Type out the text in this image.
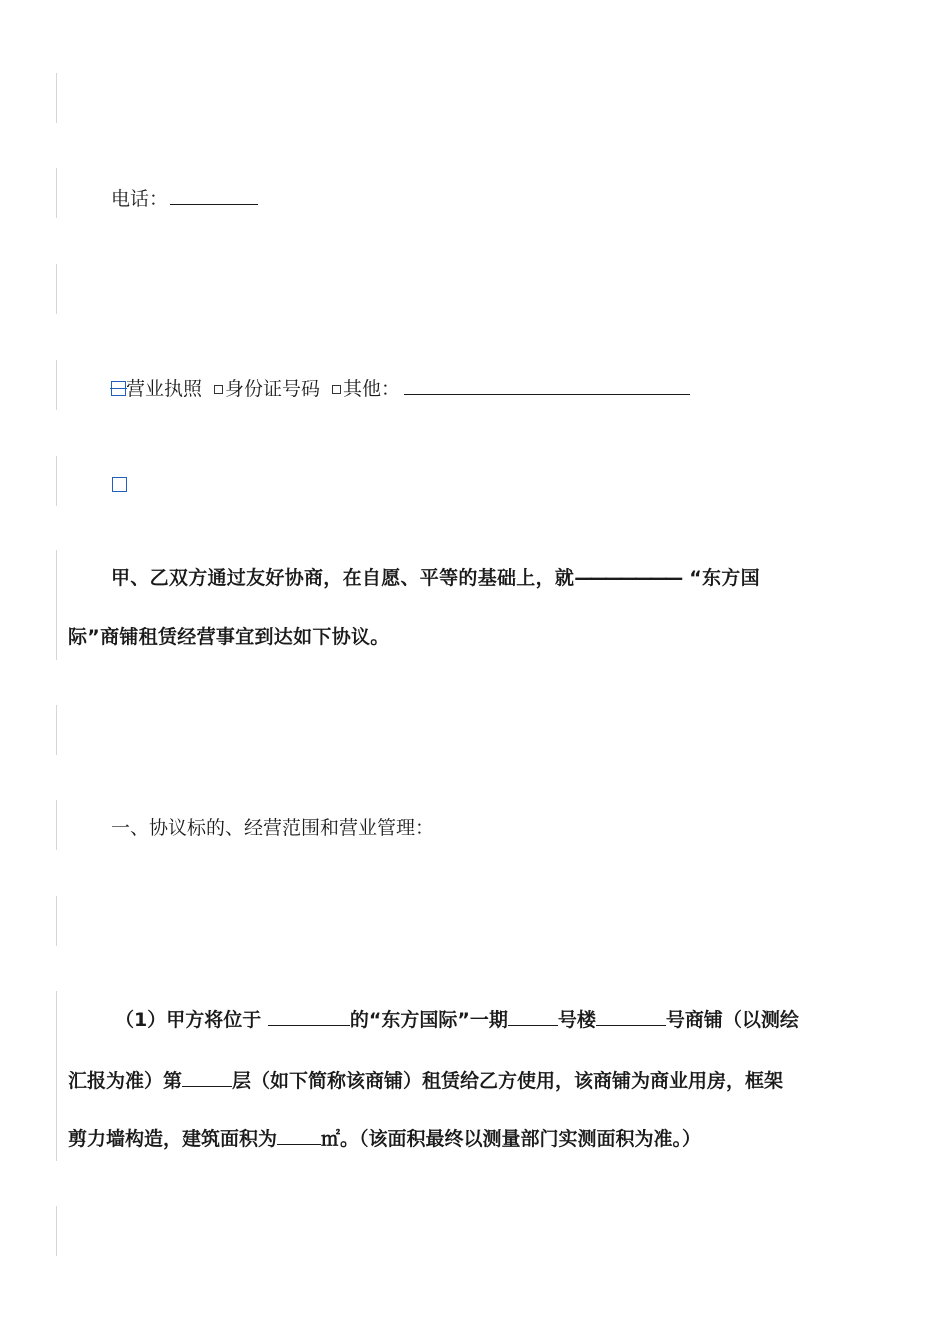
电话：
营业执照 身份证号码 其他：
甲、乙双方通过友好协商，在自愿、平等的基础上，就——————— “东方国
际”商铺租赁经营事宜到达如下协议。
一、协议标的、经营范围和营业管理：
（1）甲方将位于	的“东方国际”一期	号楼	号商铺（以测绘
汇报为准）第	层（如下简称该商铺）租赁给乙方使用，该商铺为商业用房，框架
剪力墙构造，建筑面积为 ㎡。（该面积最终以测量部门实测面积为准。）
